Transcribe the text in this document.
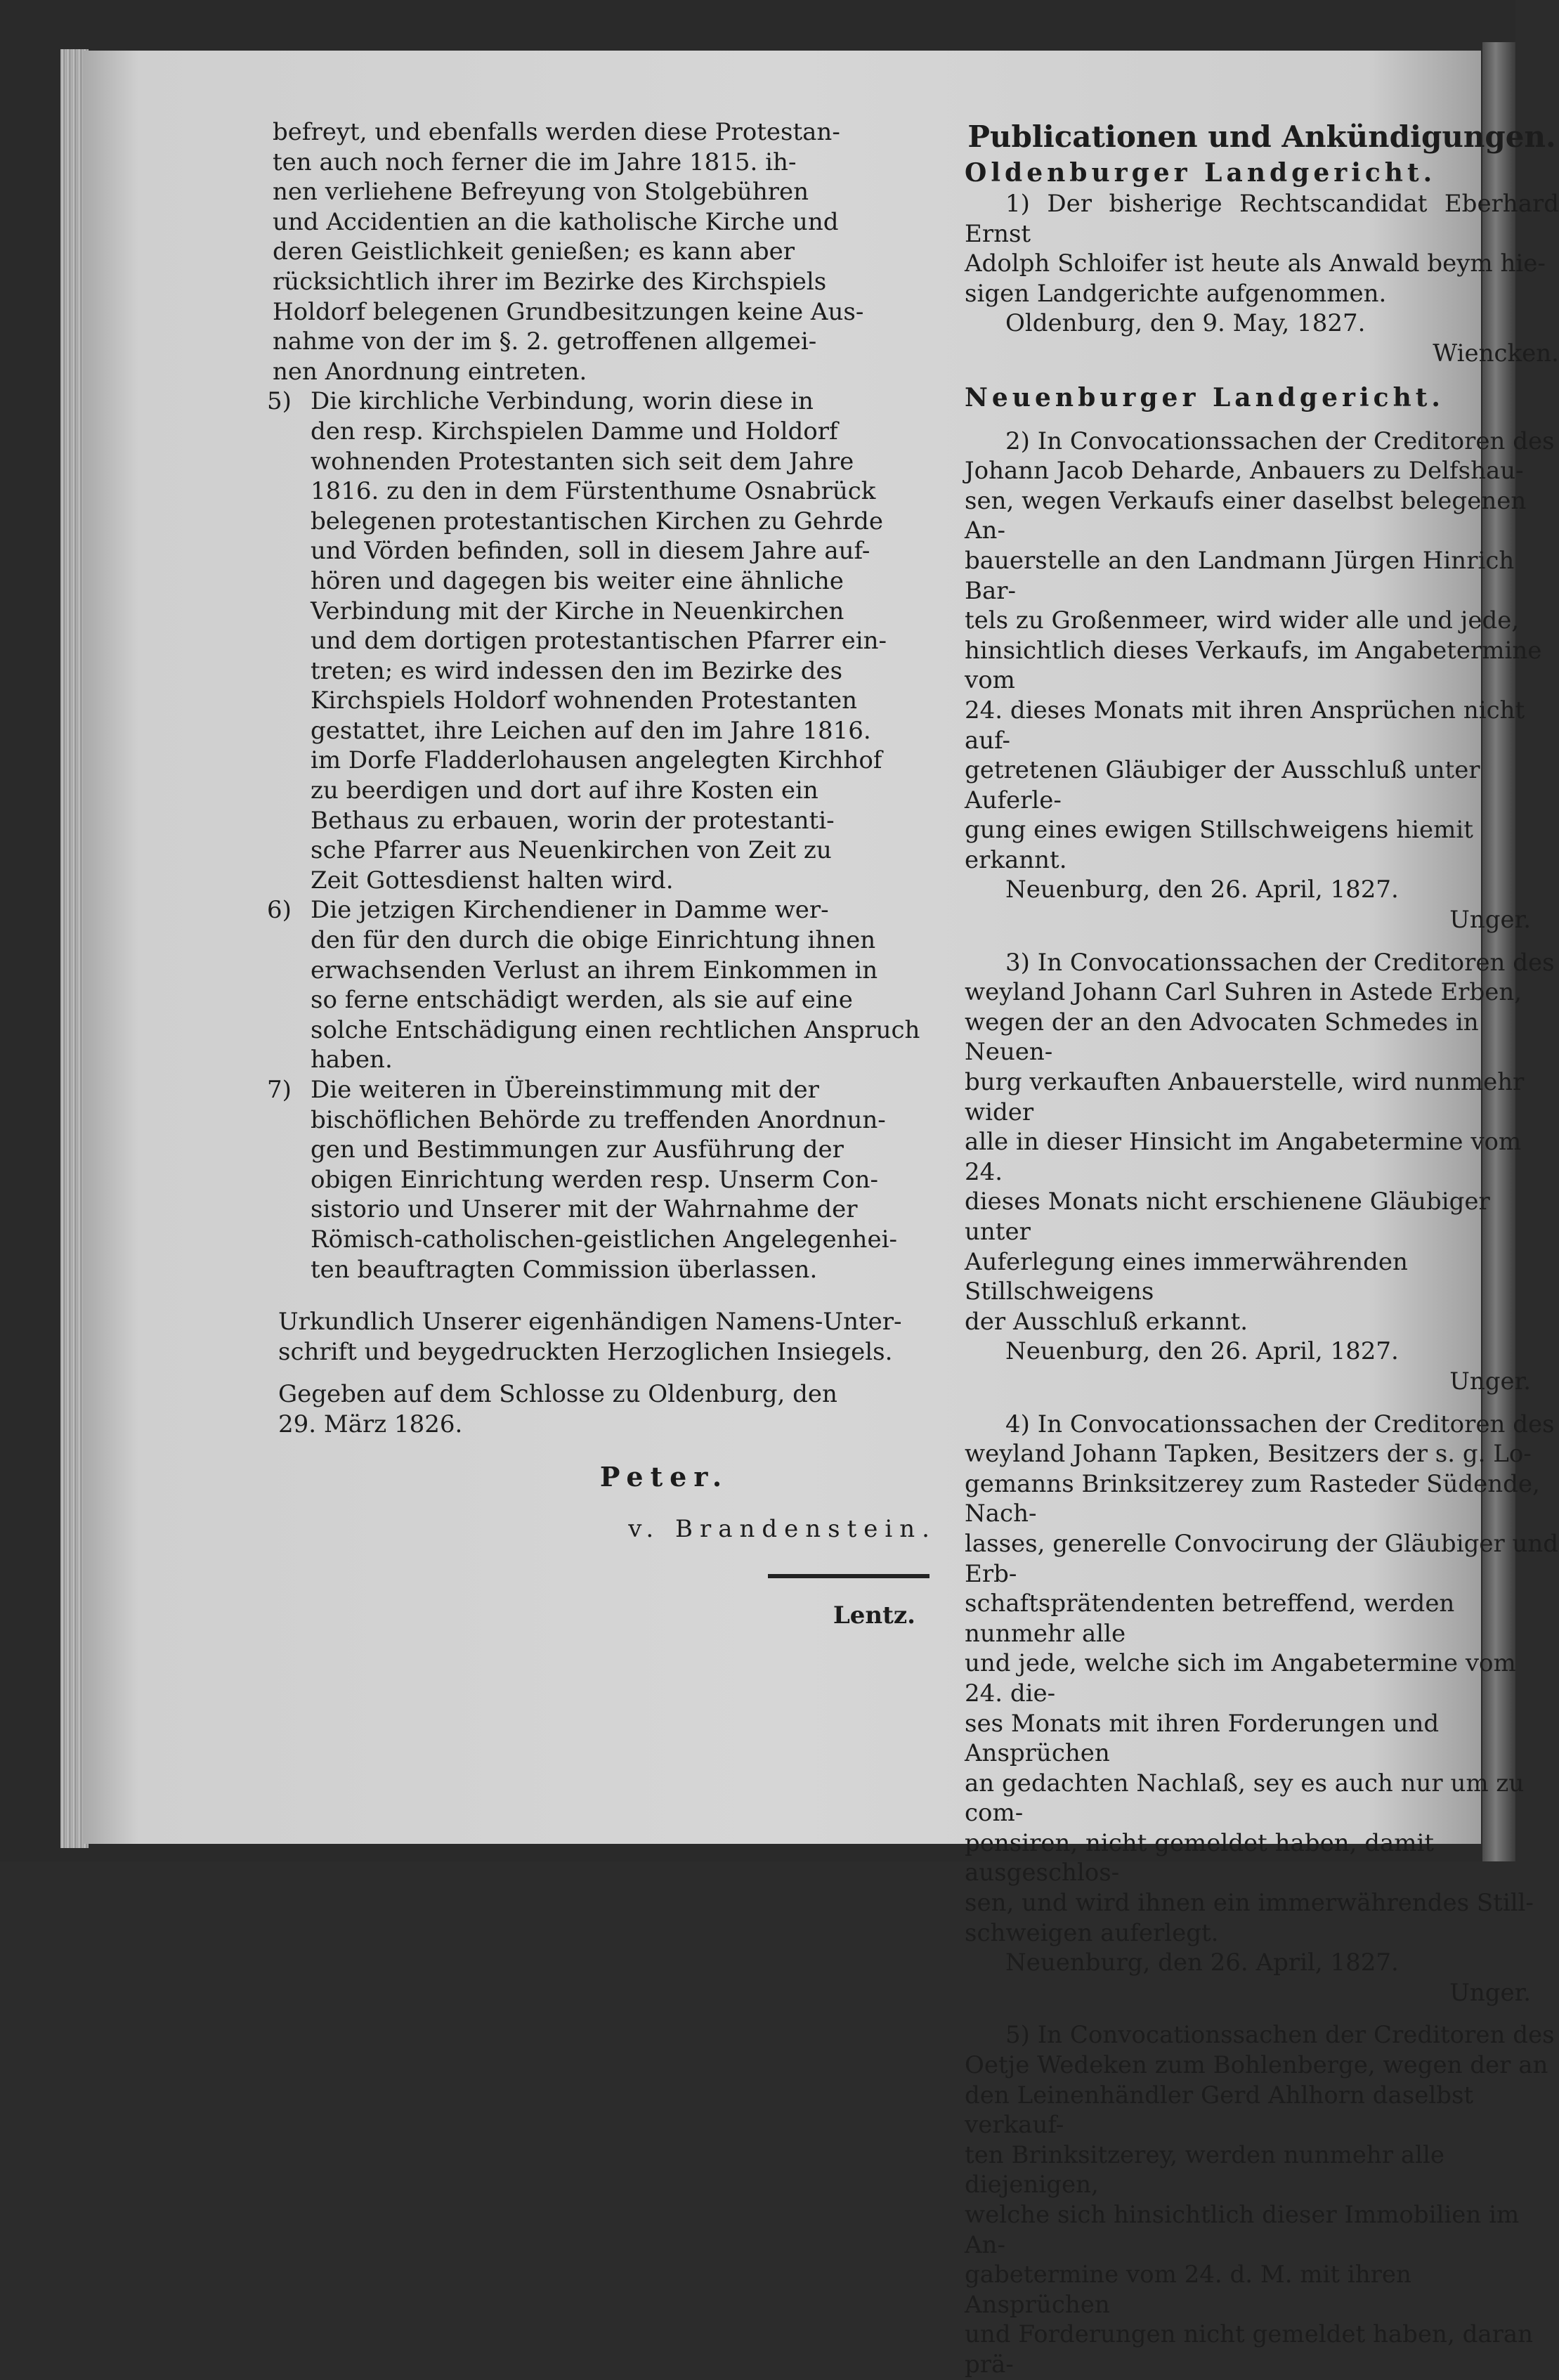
befreyt, und ebenfalls werden diese Protestan-

ten auch noch ferner die im Jahre 1815. ih-

nen verliehene Befreyung von Stolgebühren

und Accidentien an die katholische Kirche und

deren Geistlichkeit genießen; es kann aber

rücksichtlich ihrer im Bezirke des Kirchspiels

Holdorf belegenen Grundbesitzungen keine Aus-

nahme von der im §. 2. getroffenen allgemei-

nen Anordnung eintreten.

5) Die kirchliche Verbindung, worin diese in

den resp. Kirchspielen Damme und Holdorf

wohnenden Protestanten sich seit dem Jahre

1816. zu den in dem Fürstenthume Osnabrück

belegenen protestantischen Kirchen zu Gehrde

und Vörden befinden, soll in diesem Jahre auf-

hören und dagegen bis weiter eine ähnliche

Verbindung mit der Kirche in Neuenkirchen

und dem dortigen protestantischen Pfarrer ein-

treten; es wird indessen den im Bezirke des

Kirchspiels Holdorf wohnenden Protestanten

gestattet, ihre Leichen auf den im Jahre 1816.

im Dorfe Fladderlohausen angelegten Kirchhof

zu beerdigen und dort auf ihre Kosten ein

Bethaus zu erbauen, worin der protestanti-

sche Pfarrer aus Neuenkirchen von Zeit zu

Zeit Gottesdienst halten wird.

6) Die jetzigen Kirchendiener in Damme wer-

den für den durch die obige Einrichtung ihnen

erwachsenden Verlust an ihrem Einkommen in

so ferne entschädigt werden, als sie auf eine

solche Entschädigung einen rechtlichen Anspruch

haben.

7) Die weiteren in Übereinstimmung mit der

bischöflichen Behörde zu treffenden Anordnun-

gen und Bestimmungen zur Ausführung der

obigen Einrichtung werden resp. Unserm Con-

sistorio und Unserer mit der Wahrnahme der

Römisch-catholischen-geistlichen Angelegenhei-

ten beauftragten Commission überlassen.

Urkundlich Unserer eigenhändigen Namens-Unter-

schrift und beygedruckten Herzoglichen Insiegels.

Gegeben auf dem Schlosse zu Oldenburg, den

29. März 1826.

Peter.

v. Brandenstein.

Lentz.

Publicationen und Ankündigungen.

Oldenburger Landgericht.

1) Der bisherige Rechtscandidat Eberhard Ernst

Adolph Schloifer ist heute als Anwald beym hie-

sigen Landgerichte aufgenommen.

Oldenburg, den 9. May, 1827.

Wiencken.

Neuenburger Landgericht.

2) In Convocationssachen der Creditoren des

Johann Jacob Deharde, Anbauers zu Delfshau-

sen, wegen Verkaufs einer daselbst belegenen An-

bauerstelle an den Landmann Jürgen Hinrich Bar-

tels zu Großenmeer, wird wider alle und jede,

hinsichtlich dieses Verkaufs, im Angabetermine vom

24. dieses Monats mit ihren Ansprüchen nicht auf-

getretenen Gläubiger der Ausschluß unter Auferle-

gung eines ewigen Stillschweigens hiemit erkannt.

Neuenburg, den 26. April, 1827.

Unger.

3) In Convocationssachen der Creditoren des

weyland Johann Carl Suhren in Astede Erben,

wegen der an den Advocaten Schmedes in Neuen-

burg verkauften Anbauerstelle, wird nunmehr wider

alle in dieser Hinsicht im Angabetermine vom 24.

dieses Monats nicht erschienene Gläubiger unter

Auferlegung eines immerwährenden Stillschweigens

der Ausschluß erkannt.

Neuenburg, den 26. April, 1827.

Unger.

4) In Convocationssachen der Creditoren des

weyland Johann Tapken, Besitzers der s. g. Lo-

gemanns Brinksitzerey zum Rasteder Südende, Nach-

lasses, generelle Convocirung der Gläubiger und Erb-

schaftsprätendenten betreffend, werden nunmehr alle

und jede, welche sich im Angabetermine vom 24. die-

ses Monats mit ihren Forderungen und Ansprüchen

an gedachten Nachlaß, sey es auch nur um zu com-

pensiren, nicht gemeldet haben, damit ausgeschlos-

sen, und wird ihnen ein immerwährendes Still-

schweigen auferlegt.

Neuenburg, den 26. April, 1827.

Unger.

5) In Convocationssachen der Creditoren des

Oetje Wedeken zum Bohlenberge, wegen der an

den Leinenhändler Gerd Ahlhorn daselbst verkauf-

ten Brinksitzerey, werden nunmehr alle diejenigen,

welche sich hinsichtlich dieser Immobilien im An-

gabetermine vom 24. d. M. mit ihren Ansprüchen

und Forderungen nicht gemeldet haben, daran prä-
